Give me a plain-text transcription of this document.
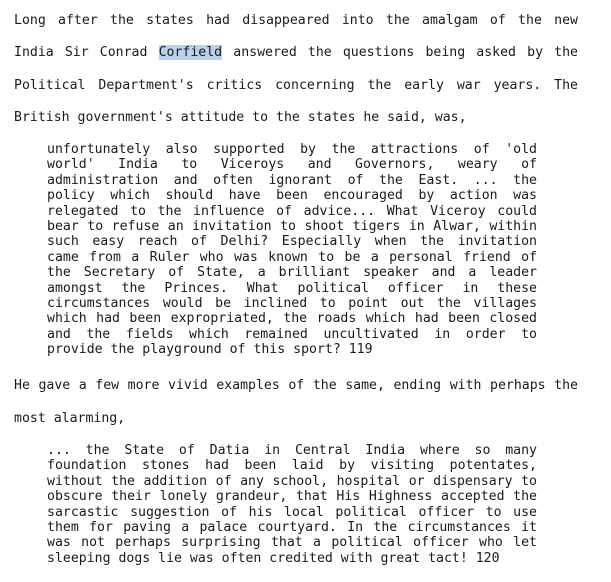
Long after the states had disappeared into the amalgam of the new
India Sir Conrad Corfield answered the questions being asked by the
Political Department's critics concerning the early war years. The
British government's attitude to the states he said, was,
unfortunately also supported by the attractions of 'old
world' India to Viceroys and Governors, weary of
administration and often ignorant of the East. ... the
policy which should have been encouraged by action was
relegated to the influence of advice... What Viceroy could
bear to refuse an invitation to shoot tigers in Alwar, within
such easy reach of Delhi? Especially when the invitation
came from a Ruler who was known to be a personal friend of
the Secretary of State, a brilliant speaker and a leader
amongst the Princes. What political officer in these
circumstances would be inclined to point out the villages
which had been expropriated, the roads which had been closed
and the fields which remained uncultivated in order to
provide the playground of this sport? 119
He gave a few more vivid examples of the same, ending with perhaps the
most alarming,
... the State of Datia in Central India where so many
foundation stones had been laid by visiting potentates,
without the addition of any school, hospital or dispensary to
obscure their lonely grandeur, that His Highness accepted the
sarcastic suggestion of his local political officer to use
them for paving a palace courtyard. In the circumstances it
was not perhaps surprising that a political officer who let
sleeping dogs lie was often credited with great tact! 120
